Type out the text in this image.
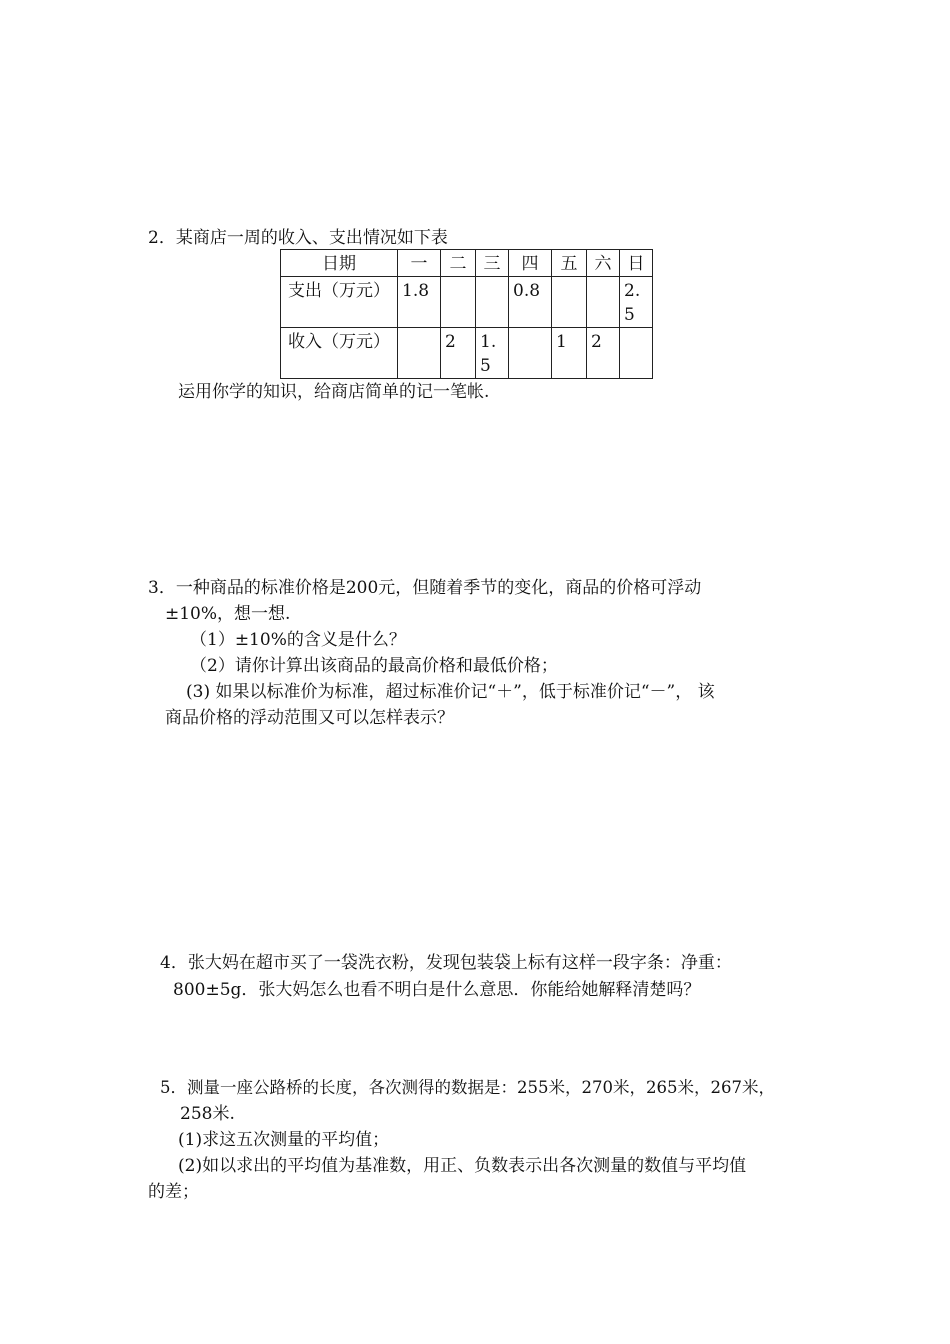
2．某商店一周的收入、支出情况如下表
日期	一	二	三	四	五	六	日
支出（万元）	1.8			0.8			2.5
收入（万元）		2	1.5		1	2	
运用你学的知识，给商店简单的记一笔帐.
3．一种商品的标准价格是200元，但随着季节的变化，商品的价格可浮动
±10%，想一想.
（1）±10%的含义是什么？
（2）请你计算出该商品的最高价格和最低价格；
(3) 如果以标准价为标准，超过标准价记“＋”，低于标准价记“－”， 该
商品价格的浮动范围又可以怎样表示？
4．张大妈在超市买了一袋洗衣粉，发现包装袋上标有这样一段字条：净重：
800±5g．张大妈怎么也看不明白是什么意思．你能给她解释清楚吗？
5．测量一座公路桥的长度，各次测得的数据是：255米，270米，265米，267米，
258米.
(1)求这五次测量的平均值；
(2)如以求出的平均值为基准数，用正、负数表示出各次测量的数值与平均值
的差；
